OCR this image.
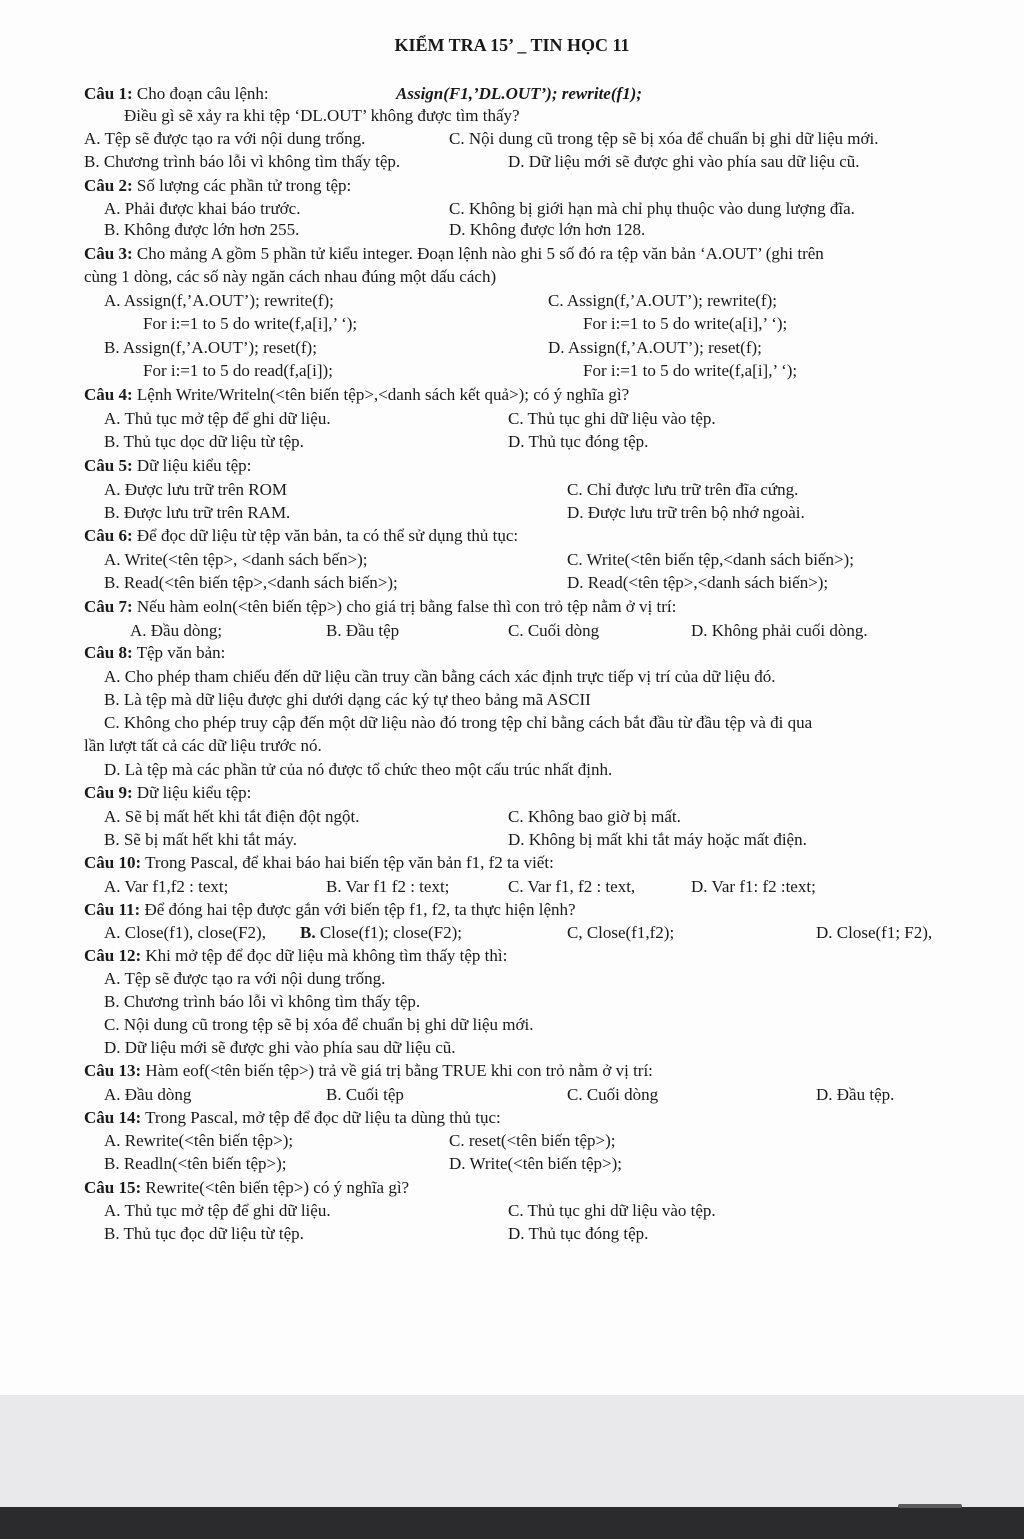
KIỂM TRA 15’ _ TIN HỌC 11
Câu 1: Cho đoạn câu lệnh:	Assign(F1,’DL.OUT’); rewrite(f1);
Điều gì sẽ xảy ra khi tệp ‘DL.OUT’ không được tìm thấy?
A. Tệp sẽ được tạo ra với nội dung trống.	C. Nội dung cũ trong tệp sẽ bị xóa để chuẩn bị ghi dữ liệu mới.
B. Chương trình báo lỗi vì không tìm thấy tệp.	D. Dữ liệu mới sẽ được ghi vào phía sau dữ liệu cũ.
Câu 2: Số lượng các phần tử trong tệp:
A. Phải được khai báo trước.	C. Không bị giới hạn mà chỉ phụ thuộc vào dung lượng đĩa.
B. Không được lớn hơn 255.	D. Không được lớn hơn 128.
Câu 3: Cho mảng A gồm 5 phần tử kiểu integer. Đoạn lệnh nào ghi 5 số đó ra tệp văn bản ‘A.OUT’ (ghi trên
cùng 1 dòng, các số này ngăn cách nhau đúng một dấu cách)
A. Assign(f,’A.OUT’); rewrite(f);	C. Assign(f,’A.OUT’); rewrite(f);
For i:=1 to 5 do write(f,a[i],’ ‘);	For i:=1 to 5 do write(a[i],’ ‘);
B. Assign(f,’A.OUT’); reset(f);	D. Assign(f,’A.OUT’); reset(f);
For i:=1 to 5 do read(f,a[i]);	For i:=1 to 5 do write(f,a[i],’ ‘);
Câu 4: Lệnh Write/Writeln(<tên biến tệp>,<danh sách kết quả>); có ý nghĩa gì?
A. Thủ tục mở tệp để ghi dữ liệu.	C. Thủ tục ghi dữ liệu vào tệp.
B. Thủ tục dọc dữ liệu từ tệp.	D. Thủ tục đóng tệp.
Câu 5: Dữ liệu kiểu tệp:
A. Được lưu trữ trên ROM	C. Chỉ được lưu trữ trên đĩa cứng.
B. Được lưu trữ trên RAM.	D. Được lưu trữ trên bộ nhớ ngoài.
Câu 6: Để đọc dữ liệu từ tệp văn bản, ta có thể sử dụng thủ tục:
A. Write(<tên tệp>, <danh sách bến>);	C. Write(<tên biến tệp,<danh sách biến>);
B. Read(<tên biến tệp>,<danh sách biến>);	D. Read(<tên tệp>,<danh sách biến>);
Câu 7: Nếu hàm eoln(<tên biến tệp>) cho giá trị bằng false thì con trỏ tệp nằm ở vị trí:
A. Đầu dòng;	B. Đầu tệp	C. Cuối dòng	D. Không phải cuối dòng.
Câu 8: Tệp văn bản:
A. Cho phép tham chiếu đến dữ liệu cần truy cần bằng cách xác định trực tiếp vị trí của dữ liệu đó.
B. Là tệp mà dữ liệu được ghi dưới dạng các ký tự theo bảng mã ASCII
C. Không cho phép truy cập đến một dữ liệu nào đó trong tệp chỉ bằng cách bắt đầu từ đầu tệp và đi qua
lần lượt tất cả các dữ liệu trước nó.
D. Là tệp mà các phần tử của nó được tổ chức theo một cấu trúc nhất định.
Câu 9: Dữ liệu kiểu tệp:
A. Sẽ bị mất hết khi tắt điện đột ngột.	C. Không bao giờ bị mất.
B. Sẽ bị mất hết khi tắt máy.	D. Không bị mất khi tắt máy hoặc mất điện.
Câu 10: Trong Pascal, để khai báo hai biến tệp văn bản f1, f2 ta viết:
A. Var f1,f2 : text;	B. Var f1 f2 : text;	C. Var f1, f2 : text,	D. Var f1: f2 :text;
Câu 11: Để đóng hai tệp được gắn với biến tệp f1, f2, ta thực hiện lệnh?
A. Close(f1), close(F2), B. Close(f1); close(F2);	C, Close(f1,f2);	D. Close(f1; F2),
Câu 12: Khi mở tệp để đọc dữ liệu mà không tìm thấy tệp thì:
A. Tệp sẽ được tạo ra với nội dung trống.
B. Chương trình báo lỗi vì không tìm thấy tệp.
C. Nội dung cũ trong tệp sẽ bị xóa để chuẩn bị ghi dữ liệu mới.
D. Dữ liệu mới sẽ được ghi vào phía sau dữ liệu cũ.
Câu 13: Hàm eof(<tên biến tệp>) trả về giá trị bằng TRUE khi con trỏ nằm ở vị trí:
A. Đầu dòng	B. Cuối tệp	C. Cuối dòng	D. Đầu tệp.
Câu 14: Trong Pascal, mở tệp để đọc dữ liệu ta dùng thủ tục:
A. Rewrite(<tên biến tệp>);	C. reset(<tên biến tệp>);
B. Readln(<tên biến tệp>);	D. Write(<tên biến tệp>);
Câu 15: Rewrite(<tên biến tệp>) có ý nghĩa gì?
A. Thủ tục mở tệp để ghi dữ liệu.	C. Thủ tục ghi dữ liệu vào tệp.
B. Thủ tục đọc dữ liệu từ tệp.	D. Thủ tục đóng tệp.
